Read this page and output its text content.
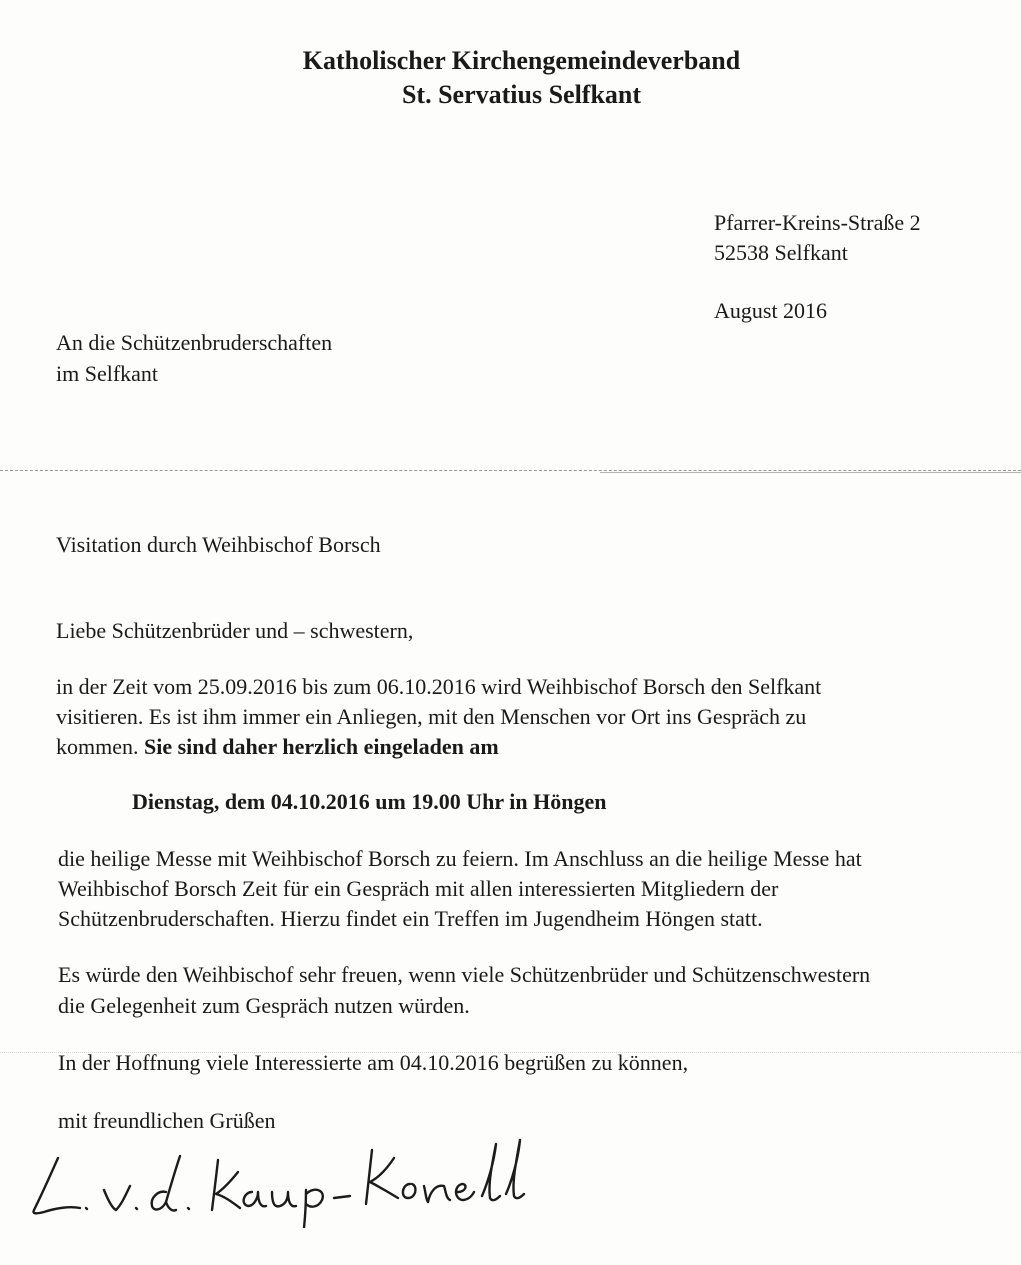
Katholischer Kirchengemeindeverband
St. Servatius Selfkant
Pfarrer-Kreins-Straße 2
52538 Selfkant
August 2016
An die Schützenbruderschaften
im Selfkant
Visitation durch Weihbischof Borsch
Liebe Schützenbrüder und – schwestern,
in der Zeit vom 25.09.2016 bis zum 06.10.2016 wird Weihbischof Borsch den Selfkant
visitieren. Es ist ihm immer ein Anliegen, mit den Menschen vor Ort ins Gespräch zu
kommen. Sie sind daher herzlich eingeladen am
Dienstag, dem 04.10.2016 um 19.00 Uhr in Höngen
die heilige Messe mit Weihbischof Borsch zu feiern. Im Anschluss an die heilige Messe hat
Weihbischof Borsch Zeit für ein Gespräch mit allen interessierten Mitgliedern der
Schützenbruderschaften. Hierzu findet ein Treffen im Jugendheim Höngen statt.
Es würde den Weihbischof sehr freuen, wenn viele Schützenbrüder und Schützenschwestern
die Gelegenheit zum Gespräch nutzen würden.
In der Hoffnung viele Interessierte am 04.10.2016 begrüßen zu können,
mit freundlichen Grüßen
